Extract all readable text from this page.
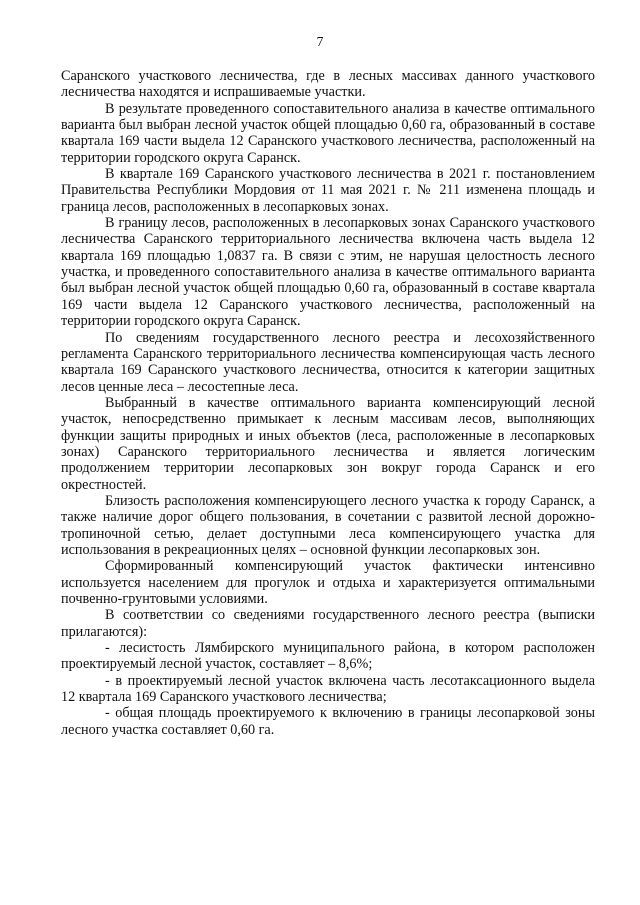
7

Саранского участкового лесничества, где в лесных массивах данного участкового лесничества находятся и испрашиваемые участки.

В результате проведенного сопоставительного анализа в качестве оптимального варианта был выбран лесной участок общей площадью 0,60 га, образованный в составе квартала 169 части выдела 12 Саранского участкового лесничества, расположенный на территории городского округа Саранск.

В квартале 169 Саранского участкового лесничества в 2021 г. постановлением Правительства Республики Мордовия от 11 мая 2021 г. № 211 изменена площадь и граница лесов, расположенных в лесопарковых зонах.

В границу лесов, расположенных в лесопарковых зонах Саранского участкового лесничества Саранского территориального лесничества включена часть выдела 12 квартала 169 площадью 1,0837 га. В связи с этим, не нарушая целостность лесного участка, и проведенного сопоставительного анализа в качестве оптимального варианта был выбран лесной участок общей площадью 0,60 га, образованный в составе квартала 169 части выдела 12 Саранского участкового лесничества, расположенный на территории городского округа Саранск.

По сведениям государственного лесного реестра и лесохозяйственного регламента Саранского территориального лесничества компенсирующая часть лесного квартала 169 Саранского участкового лесничества, относится к категории защитных лесов ценные леса – лесостепные леса.

Выбранный в качестве оптимального варианта компенсирующий лесной участок, непосредственно примыкает к лесным массивам лесов, выполняющих функции защиты природных и иных объектов (леса, расположенные в лесопарковых зонах) Саранского территориального лесничества и является логическим продолжением территории лесопарковых зон вокруг города Саранск и его окрестностей.

Близость расположения компенсирующего лесного участка к городу Саранск, а также наличие дорог общего пользования, в сочетании с развитой лесной дорожно-тропиночной сетью, делает доступными леса компенсирующего участка для использования в рекреационных целях – основной функции лесопарковых зон.

Сформированный компенсирующий участок фактически интенсивно используется населением для прогулок и отдыха и характеризуется оптимальными почвенно-грунтовыми условиями.

В соответствии со сведениями государственного лесного реестра (выписки прилагаются):

- лесистость Лямбирского муниципального района, в котором расположен проектируемый лесной участок, составляет – 8,6%;

- в проектируемый лесной участок включена часть лесотаксационного выдела 12 квартала 169 Саранского участкового лесничества;

- общая площадь проектируемого к включению в границы лесопарковой зоны лесного участка составляет 0,60 га.
